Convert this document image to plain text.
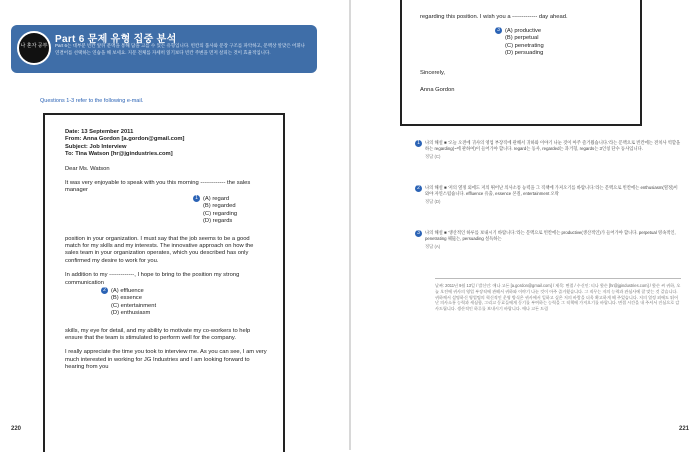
나 혼자 공부
Part 6 문제 유형 집중 분석
Part 6는 대부분 빈칸 앞뒤 문맥을 통해 답을 고를 수 있는 유형입니다. 빈칸의 품사와 문장 구조를 파악하고, 문맥상 알맞은 어휘나 연결어를 선택하는 연습을 해 보세요. 지문 전체를 자세히 읽기보다 빈칸 주변을 먼저 살피는 것이 효율적입니다.
Questions 1-3 refer to the following e-mail.

Date: 13 September 2011

From: Anna Gordon [a.gordon@gmail.com]

Subject: Job Interview

To: Tina Watson [hr@jgindustries.com]

Dear Ms. Watson

It was very enjoyable to speak with you this morning ------------- the sales manager

1 (A) regard
(B) regarded
(C) regarding
(D) regards

position in your organization. I must say that the job seems to be a good match for my skills and my interests. The innovative approach on how the sales team in your organization operates, which you described has only confirmed my desire to work for you.

In addition to my -------------, I hope to bring to the position my strong communication

2 (A) effluence
(B) essence
(C) entertainment
(D) enthusiasm

skills, my eye for detail, and my ability to motivate my co-workers to help ensure that the team is stimulated to perform well for the company.

I really appreciate the time you took to interview me. As you can see, I am very much interested in working for JG Industries and I am looking forward to hearing from you

220

regarding this position. I wish you a ------------- day ahead.

3 (A) productive
(B) perpetual
(C) penetrating
(D) persuading

Sincerely,

Anna Gordon

1	나의 해설 ■ '오늘 오전에 귀사의 영업 부장직에 관해서 귀하와 이야기 나눈 것이 아주 즐거웠습니다.'라는 문맥으로 빈칸에는 전치사 역할을 하는 regarding(~에 관하여)이 들어가야 합니다. regard는 동사, regarded는 과거형, regards는 3인칭 단수 동사입니다.
정답 (C)
2	나의 해설 ■ '저의 열정 외에도 저의 뛰어난 의사소통 능력을 그 직책에 가져오기를 바랍니다.'라는 문맥으로 빈칸에는 enthusiasm(열정)이 와야 자연스럽습니다. effluence 유출, essence 본질, entertainment 오락
정답 (D)
3	나의 해설 ■ '생산적인 하루를 보내시기 바랍니다.'라는 문맥으로 빈칸에는 productive(생산적인)가 들어가야 합니다. perpetual 영속적인, penetrating 꿰뚫는, persuading 설득하는
정답 (A)
날짜: 2011년 9월 13일 / 발신인: 애나 고든 [a.gordon@gmail.com] / 제목: 면접 / 수신인: 티나 왓슨 [hr@jgindustries.com] / 왓슨 씨 귀하, 오늘 오전에 귀사의 영업 부장직에 관해서 귀하와 이야기 나눈 것이 아주 즐거웠습니다. 그 직무는 저의 능력과 관심사에 잘 맞는 것 같습니다. 귀하께서 설명하신 영업팀의 혁신적인 운영 방식은 귀사에서 일하고 싶은 저의 바람을 더욱 확고하게 해 주었습니다. 저의 열정 외에도 뛰어난 의사소통 능력과 세심함, 그리고 동료들에게 동기를 부여하는 능력을 그 직책에 가져오기를 바랍니다. 면접 시간을 내 주셔서 진심으로 감사드립니다. 생산적인 하루를 보내시기 바랍니다. 애나 고든 드림
221
